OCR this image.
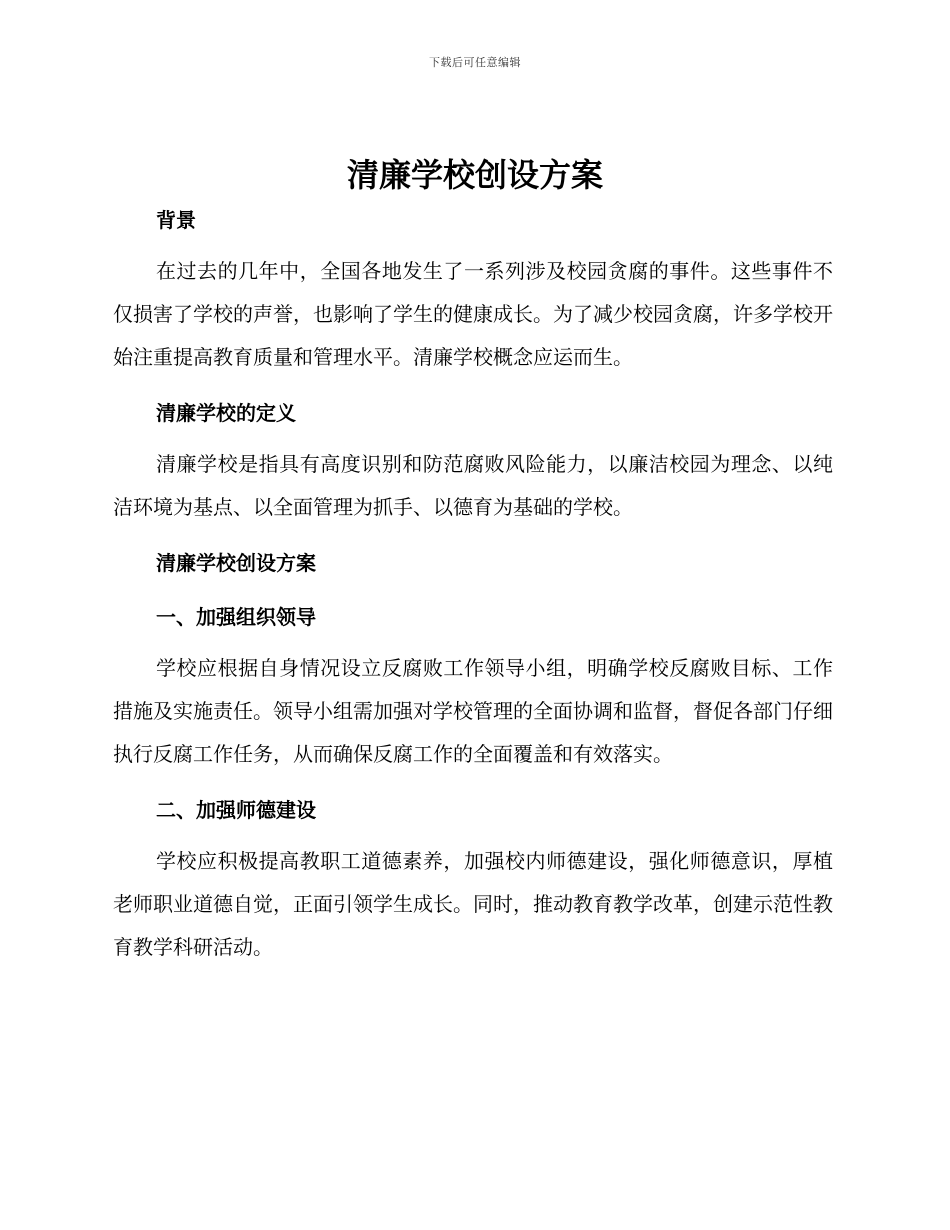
下载后可任意编辑
清廉学校创设方案
背景

在过去的几年中，全国各地发生了一系列涉及校园贪腐的事件。这些事件不仅损害了学校的声誉，也影响了学生的健康成长。为了减少校园贪腐，许多学校开始注重提高教育质量和管理水平。清廉学校概念应运而生。

清廉学校的定义

清廉学校是指具有高度识别和防范腐败风险能力，以廉洁校园为理念、以纯洁环境为基点、以全面管理为抓手、以德育为基础的学校。

清廉学校创设方案
一、加强组织领导

学校应根据自身情况设立反腐败工作领导小组，明确学校反腐败目标、工作措施及实施责任。领导小组需加强对学校管理的全面协调和监督，督促各部门仔细执行反腐工作任务，从而确保反腐工作的全面覆盖和有效落实。

二、加强师德建设

学校应积极提高教职工道德素养，加强校内师德建设，强化师德意识，厚植老师职业道德自觉，正面引领学生成长。同时，推动教育教学改革，创建示范性教育教学科研活动。
